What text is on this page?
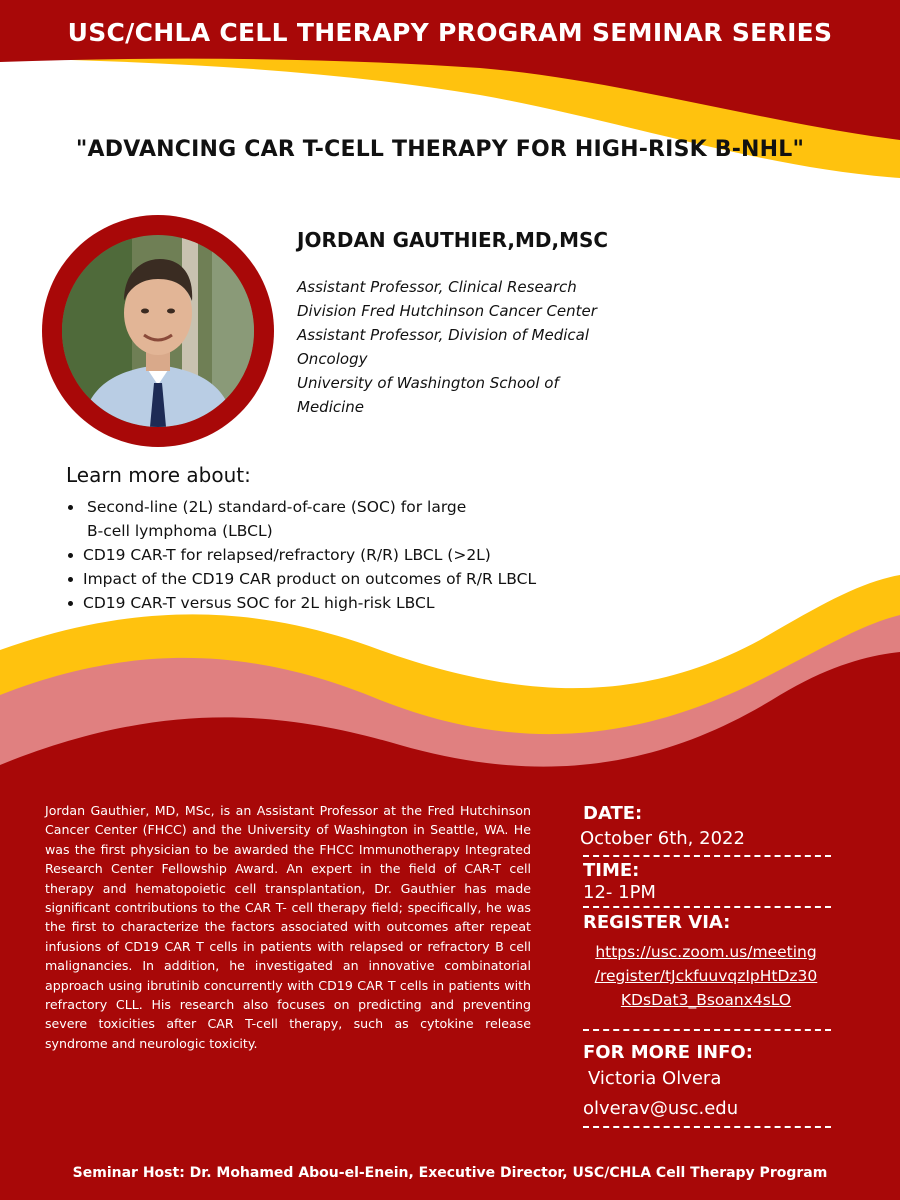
USC/CHLA CELL THERAPY PROGRAM SEMINAR SERIES
"ADVANCING CAR T-CELL THERAPY FOR HIGH-RISK B-NHL"
JORDAN GAUTHIER,MD,MSC
Assistant Professor, Clinical Research
Division Fred Hutchinson Cancer Center
Assistant Professor, Division of Medical
Oncology
University of Washington School of
Medicine
Learn more about:
Second-line (2L) standard-of-care (SOC) for large B-cell lymphoma (LBCL)
CD19 CAR-T for relapsed/refractory (R/R) LBCL (>2L)
Impact of the CD19 CAR product on outcomes of R/R LBCL
CD19 CAR-T versus SOC for 2L high-risk LBCL
Jordan Gauthier, MD, MSc, is an Assistant Professor at the Fred Hutchinson Cancer Center (FHCC) and the University of Washington in Seattle, WA. He was the first physician to be awarded the FHCC Immunotherapy Integrated Research Center Fellowship Award. An expert in the field of CAR-T cell therapy and hematopoietic cell transplantation, Dr. Gauthier has made significant contributions to the CAR T- cell therapy field; specifically, he was the first to characterize the factors associated with outcomes after repeat infusions of CD19 CAR T cells in patients with relapsed or refractory B cell malignancies. In addition, he investigated an innovative combinatorial approach using ibrutinib concurrently with CD19 CAR T cells in patients with refractory CLL. His research also focuses on predicting and preventing severe toxicities after CAR T-cell therapy, such as cytokine release syndrome and neurologic toxicity.
DATE:
October 6th, 2022
TIME:
12- 1PM
REGISTER VIA:
https://usc.zoom.us/meeting
/register/tJckfuuvqzIpHtDz30
KDsDat3_Bsoanx4sLO
FOR MORE INFO:
Victoria Olvera
olverav@usc.edu
Seminar Host: Dr. Mohamed Abou-el-Enein, Executive Director, USC/CHLA Cell Therapy Program
